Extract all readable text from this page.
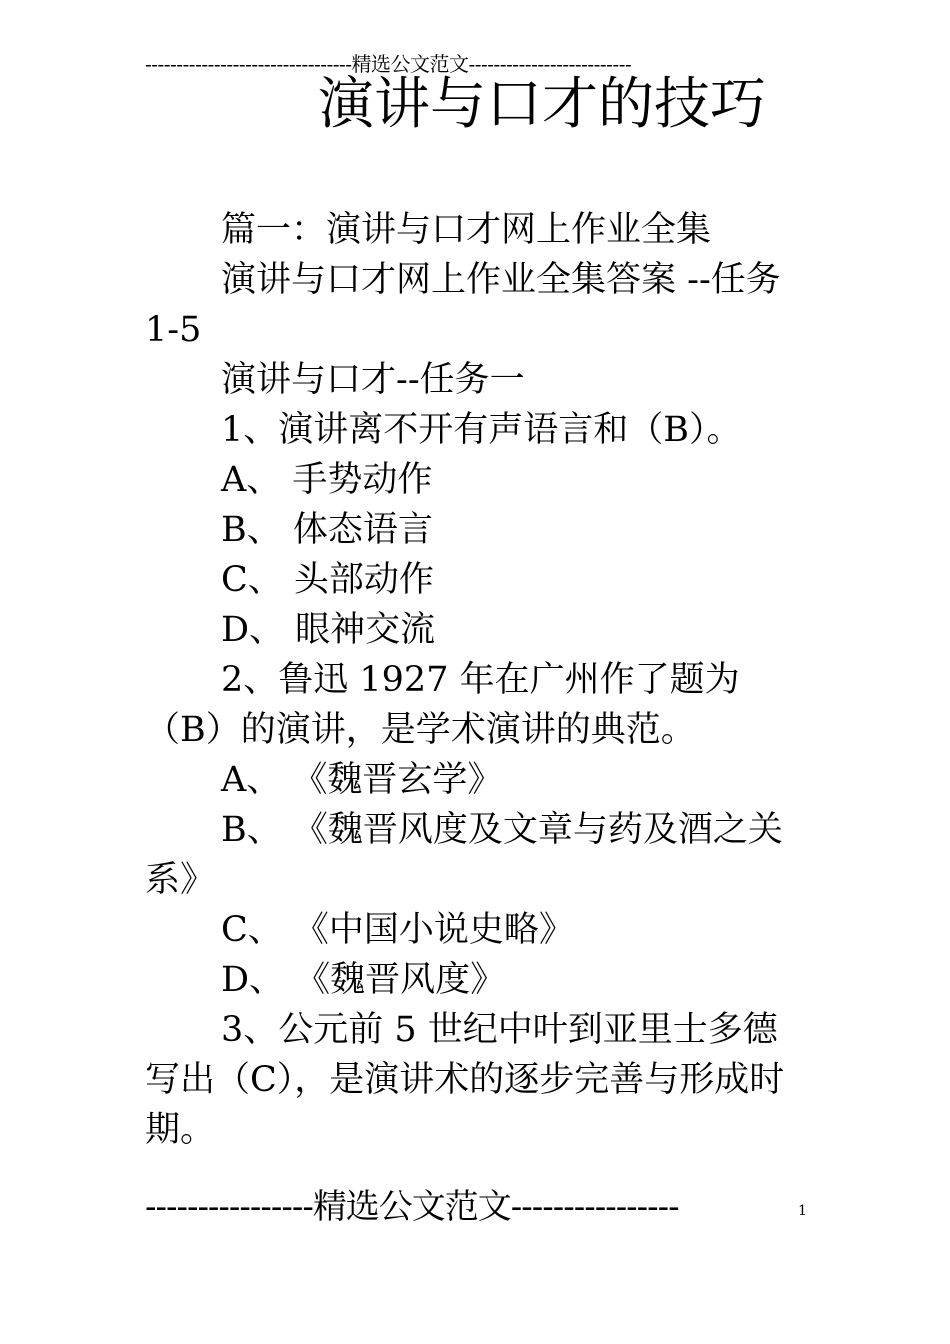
---------------------------------精选公文范文--------------------------
演讲与口才的技巧

篇一：演讲与口才网上作业全集

演讲与口才网上作业全集答案 --任务 1-5

演讲与口才--任务一

1、演讲离不开有声语言和（B）。

A、 手势动作

B、 体态语言

C、 头部动作

D、 眼神交流

2、鲁迅 1927 年在广州作了题为（B）的演讲，是学术演讲的典范。

A、 《魏晋玄学》

B、 《魏晋风度及文章与药及酒之关系》

C、 《中国小说史略》

D、 《魏晋风度》

3、公元前 5 世纪中叶到亚里士多德写出（C），是演讲术的逐步完善与形成时期。

----------------精选公文范文----------------	1
